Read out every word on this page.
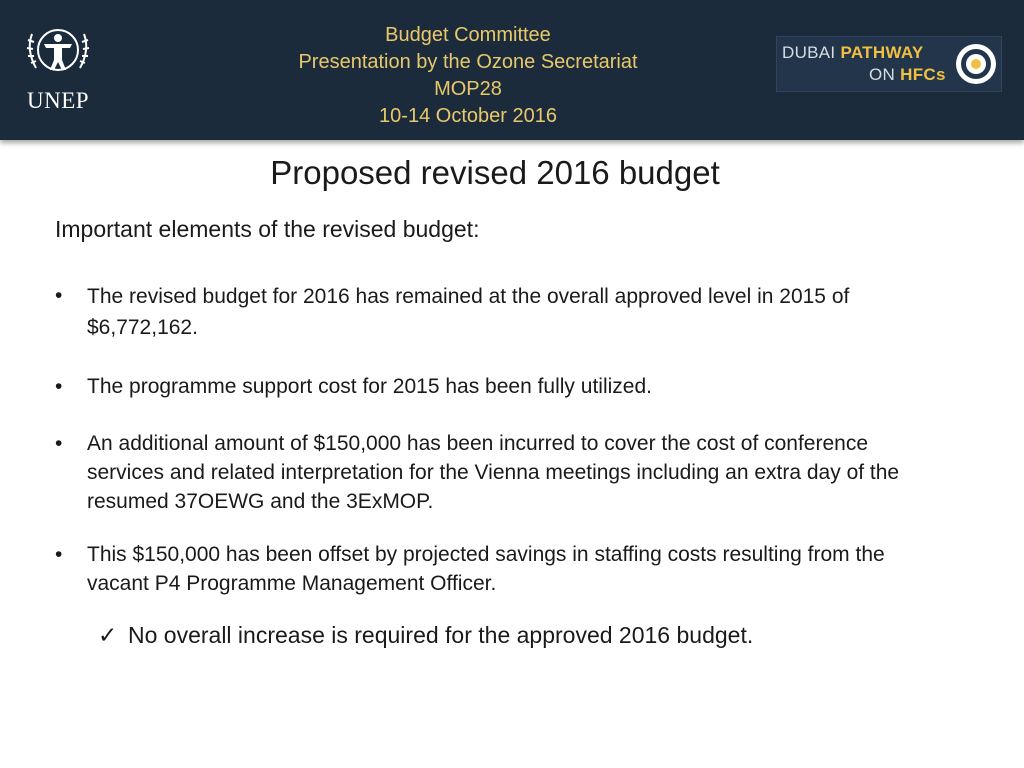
UNEP
Budget Committee
Presentation by the Ozone Secretariat
MOP28
10-14 October 2016
DUBAI PATHWAY
ON HFCs
Proposed revised 2016 budget
Important elements of the revised budget:
• The revised budget for 2016 has remained at the overall approved level in 2015 of $6,772,162.
• The programme support cost for 2015 has been fully utilized.
• An additional amount of $150,000 has been incurred to cover the cost of conference services and related interpretation for the Vienna meetings including an extra day of the resumed 37OEWG and the 3ExMOP.
• This $150,000 has been offset by projected savings in staffing costs resulting from the vacant P4 Programme Management Officer.
✓ No overall increase is required for the approved 2016 budget.
